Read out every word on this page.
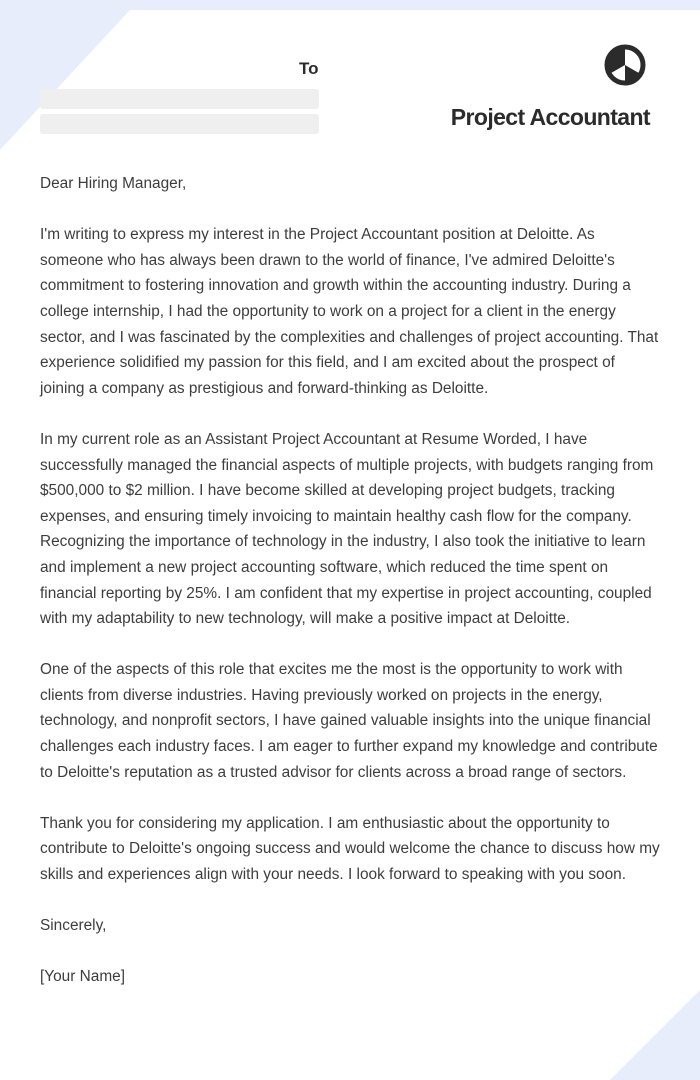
To
Project Accountant

Dear Hiring Manager,

I'm writing to express my interest in the Project Accountant position at Deloitte. As someone who has always been drawn to the world of finance, I've admired Deloitte's commitment to fostering innovation and growth within the accounting industry. During a college internship, I had the opportunity to work on a project for a client in the energy sector, and I was fascinated by the complexities and challenges of project accounting. That experience solidified my passion for this field, and I am excited about the prospect of joining a company as prestigious and forward-thinking as Deloitte.

In my current role as an Assistant Project Accountant at Resume Worded, I have successfully managed the financial aspects of multiple projects, with budgets ranging from $500,000 to $2 million. I have become skilled at developing project budgets, tracking expenses, and ensuring timely invoicing to maintain healthy cash flow for the company. Recognizing the importance of technology in the industry, I also took the initiative to learn and implement a new project accounting software, which reduced the time spent on financial reporting by 25%. I am confident that my expertise in project accounting, coupled with my adaptability to new technology, will make a positive impact at Deloitte.

One of the aspects of this role that excites me the most is the opportunity to work with clients from diverse industries. Having previously worked on projects in the energy, technology, and nonprofit sectors, I have gained valuable insights into the unique financial challenges each industry faces. I am eager to further expand my knowledge and contribute to Deloitte's reputation as a trusted advisor for clients across a broad range of sectors.

Thank you for considering my application. I am enthusiastic about the opportunity to contribute to Deloitte's ongoing success and would welcome the chance to discuss how my skills and experiences align with your needs. I look forward to speaking with you soon.

Sincerely,

[Your Name]
